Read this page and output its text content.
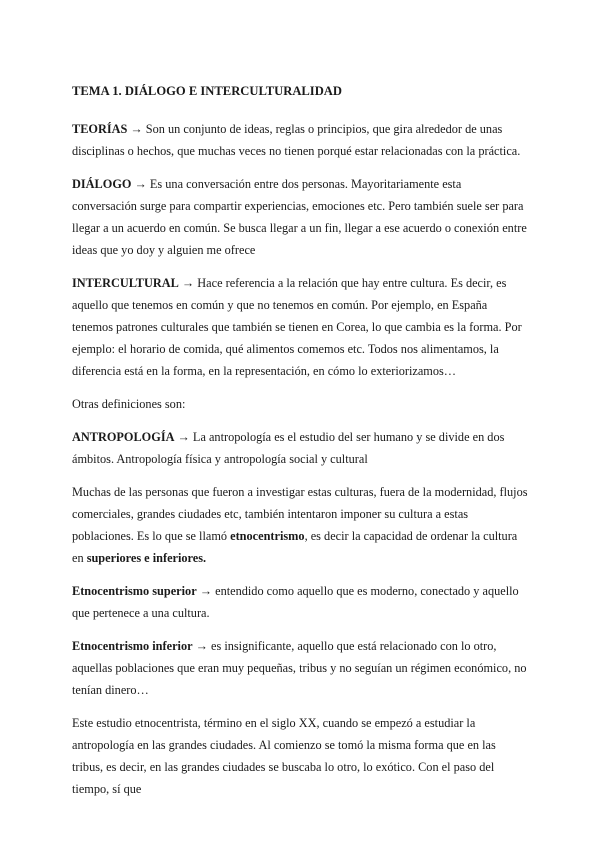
TEMA 1. DIÁLOGO E INTERCULTURALIDAD

TEORÍAS → Son un conjunto de ideas, reglas o principios, que gira alrededor de unas disciplinas o hechos, que muchas veces no tienen porqué estar relacionadas con la práctica.

DIÁLOGO → Es una conversación entre dos personas. Mayoritariamente esta conversación surge para compartir experiencias, emociones etc. Pero también suele ser para llegar a un acuerdo en común. Se busca llegar a un fin, llegar a ese acuerdo o conexión entre ideas que yo doy y alguien me ofrece

INTERCULTURAL → Hace referencia a la relación que hay entre cultura. Es decir, es aquello que tenemos en común y que no tenemos en común. Por ejemplo, en España tenemos patrones culturales que también se tienen en Corea, lo que cambia es la forma. Por ejemplo: el horario de comida, qué alimentos comemos etc. Todos nos alimentamos, la diferencia está en la forma, en la representación, en cómo lo exteriorizamos…

Otras definiciones son:

ANTROPOLOGÍA → La antropología es el estudio del ser humano y se divide en dos ámbitos. Antropología física y antropología social y cultural

Muchas de las personas que fueron a investigar estas culturas, fuera de la modernidad, flujos comerciales, grandes ciudades etc, también intentaron imponer su cultura a estas poblaciones. Es lo que se llamó etnocentrismo, es decir la capacidad de ordenar la cultura en superiores e inferiores.

Etnocentrismo superior → entendido como aquello que es moderno, conectado y aquello que pertenece a una cultura.

Etnocentrismo inferior → es insignificante, aquello que está relacionado con lo otro, aquellas poblaciones que eran muy pequeñas, tribus y no seguían un régimen económico, no tenían dinero…

Este estudio etnocentrista, término en el siglo XX, cuando se empezó a estudiar la antropología en las grandes ciudades. Al comienzo se tomó la misma forma que en las tribus, es decir, en las grandes ciudades se buscaba lo otro, lo exótico. Con el paso del tiempo, sí que
